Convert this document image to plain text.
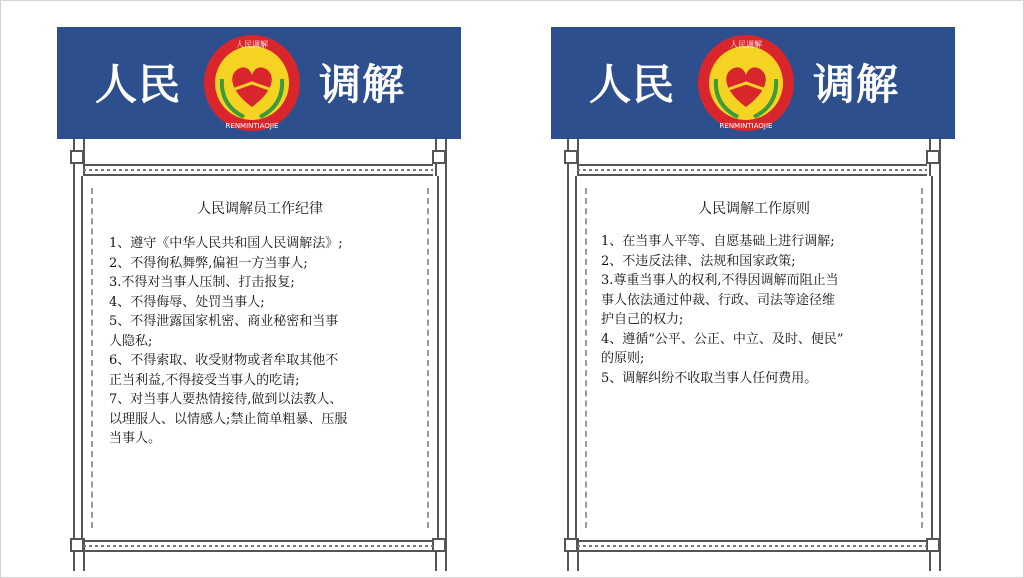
人民
人民调解
RENMINTIAOJIE
调解
人民调解员工作纪律
1、遵守《中华人民共和国人民调解法》;
2、不得徇私舞弊,偏袒一方当事人;
3.不得对当事人压制、打击报复;
4、不得侮辱、处罚当事人;
5、不得泄露国家机密、商业秘密和当事
人隐私;
6、不得索取、收受财物或者牟取其他不
正当利益,不得接受当事人的吃请;
7、对当事人要热情接待,做到以法教人、
以理服人、以情感人;禁止简单粗暴、压服
当事人。
人民
人民调解
RENMINTIAOJIE
调解
人民调解工作原则
1、在当事人平等、自愿基础上进行调解;
2、不违反法律、法规和国家政策;
3.尊重当事人的权利,不得因调解而阻止当
事人依法通过仲裁、行政、司法等途径维
护自己的权力;
4、遵循“公平、公正、中立、及时、便民”
的原则;
5、调解纠纷不收取当事人任何费用。
